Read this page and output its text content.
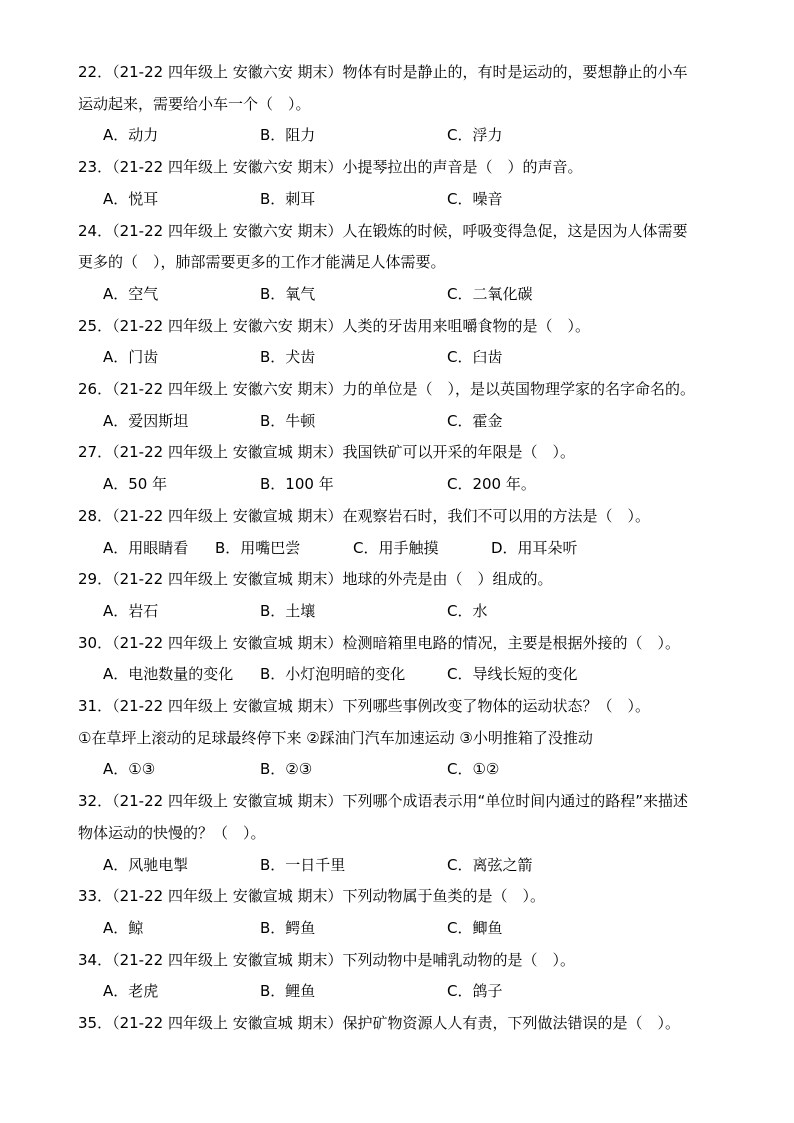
22．（21-22 四年级上 安徽六安 期末）物体有时是静止的，有时是运动的，要想静止的小车
运动起来，需要给小车一个（　）。
A．动力	B．阻力	C．浮力
23．（21-22 四年级上 安徽六安 期末）小提琴拉出的声音是（　）的声音。
A．悦耳	B．刺耳	C．噪音
24．（21-22 四年级上 安徽六安 期末）人在锻炼的时候，呼吸变得急促，这是因为人体需要
更多的（　），肺部需要更多的工作才能满足人体需要。
A．空气	B．氧气	C．二氧化碳
25．（21-22 四年级上 安徽六安 期末）人类的牙齿用来咀嚼食物的是（　）。
A．门齿	B．犬齿	C．臼齿
26．（21-22 四年级上 安徽六安 期末）力的单位是（　），是以英国物理学家的名字命名的。
A．爱因斯坦	B．牛顿	C．霍金
27．（21-22 四年级上 安徽宣城 期末）我国铁矿可以开采的年限是（　）。
A．50 年	B．100 年	C．200 年。
28．（21-22 四年级上 安徽宣城 期末）在观察岩石时，我们不可以用的方法是（　）。
A．用眼睛看 B．用嘴巴尝	C．用手触摸	D．用耳朵听
29．（21-22 四年级上 安徽宣城 期末）地球的外壳是由（　）组成的。
A．岩石	B．土壤	C．水
30．（21-22 四年级上 安徽宣城 期末）检测暗箱里电路的情况，主要是根据外接的（　）。
A．电池数量的变化 B．小灯泡明暗的变化	C．导线长短的变化
31．（21-22 四年级上 安徽宣城 期末）下列哪些事例改变了物体的运动状态？（　）。
①在草坪上滚动的足球最终停下来 ②踩油门汽车加速运动 ③小明推箱了没推动
A．①③	B．②③	C．①②
32．（21-22 四年级上 安徽宣城 期末）下列哪个成语表示用“单位时间内通过的路程”来描述
物体运动的快慢的？（　）。
A．风驰电掣	B．一日千里	C．离弦之箭
33．（21-22 四年级上 安徽宣城 期末）下列动物属于鱼类的是（　）。
A．鲸	B．鳄鱼	C．鲫鱼
34．（21-22 四年级上 安徽宣城 期末）下列动物中是哺乳动物的是（　）。
A．老虎	B．鲤鱼	C．鸽子
35．（21-22 四年级上 安徽宣城 期末）保护矿物资源人人有责，下列做法错误的是（　）。
